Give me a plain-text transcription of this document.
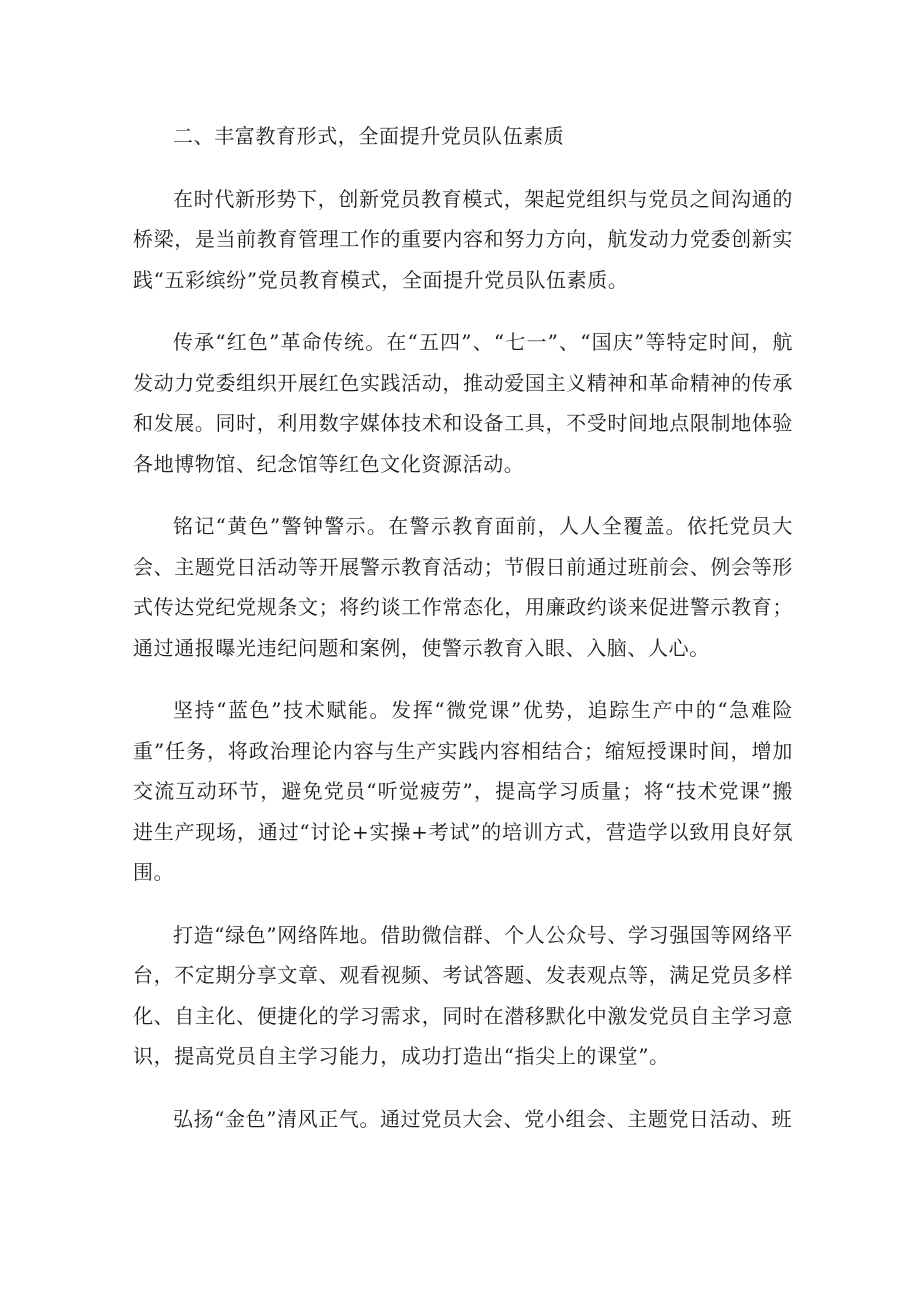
二、丰富教育形式，全面提升党员队伍素质

在时代新形势下，创新党员教育模式，架起党组织与党员之间沟通的桥梁，是当前教育管理工作的重要内容和努力方向，航发动力党委创新实践“五彩缤纷”党员教育模式，全面提升党员队伍素质。

传承“红色”革命传统。在“五四”、“七一”、“国庆”等特定时间，航发动力党委组织开展红色实践活动，推动爱国主义精神和革命精神的传承和发展。同时，利用数字媒体技术和设备工具，不受时间地点限制地体验各地博物馆、纪念馆等红色文化资源活动。

铭记“黄色”警钟警示。在警示教育面前，人人全覆盖。依托党员大会、主题党日活动等开展警示教育活动；节假日前通过班前会、例会等形式传达党纪党规条文；将约谈工作常态化，用廉政约谈来促进警示教育；通过通报曝光违纪问题和案例，使警示教育入眼、入脑、人心。

坚持“蓝色”技术赋能。发挥“微党课”优势，追踪生产中的“急难险重”任务，将政治理论内容与生产实践内容相结合；缩短授课时间，增加交流互动环节，避免党员“听觉疲劳”，提高学习质量；将“技术党课”搬进生产现场，通过“讨论+实操+考试”的培训方式，营造学以致用良好氛围。

打造“绿色”网络阵地。借助微信群、个人公众号、学习强国等网络平台，不定期分享文章、观看视频、考试答题、发表观点等，满足党员多样化、自主化、便捷化的学习需求，同时在潜移默化中激发党员自主学习意识，提高党员自主学习能力，成功打造出“指尖上的课堂”。

弘扬“金色”清风正气。通过党员大会、党小组会、主题党日活动、班
